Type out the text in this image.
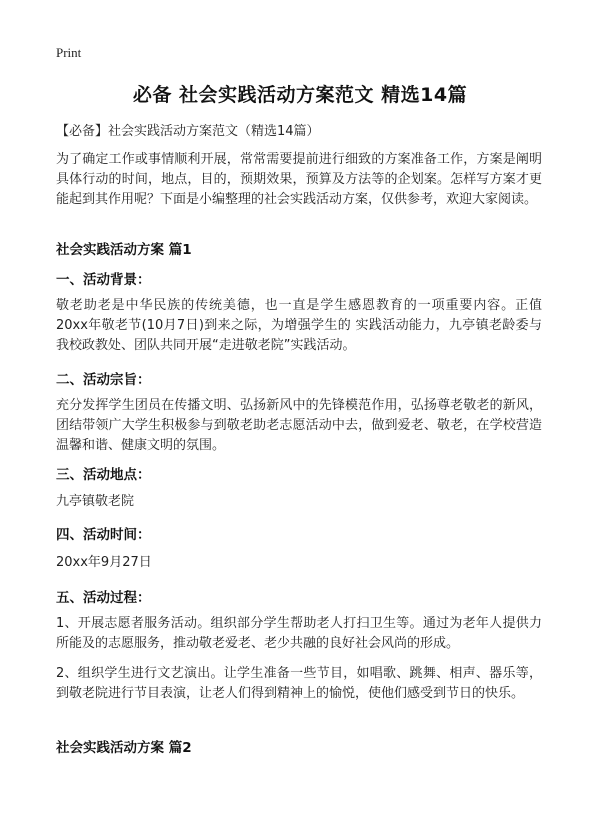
Print
必备 社会实践活动方案范文 精选14篇
【必备】社会实践活动方案范文（精选14篇）
为了确定工作或事情顺利开展，常常需要提前进行细致的方案准备工作，方案是阐明具体行动的时间，地点，目的，预期效果，预算及方法等的企划案。怎样写方案才更能起到其作用呢？下面是小编整理的社会实践活动方案，仅供参考，欢迎大家阅读。
社会实践活动方案 篇1
一、活动背景：
敬老助老是中华民族的传统美德，也一直是学生感恩教育的一项重要内容。正值20xx年敬老节(10月7日)到来之际，为增强学生的 实践活动能力，九亭镇老龄委与我校政教处、团队共同开展“走进敬老院”实践活动。
二、活动宗旨：
充分发挥学生团员在传播文明、弘扬新风中的先锋模范作用，弘扬尊老敬老的新风，团结带领广大学生积极参与到敬老助老志愿活动中去，做到爱老、敬老，在学校营造温馨和谐、健康文明的氛围。
三、活动地点：
九亭镇敬老院
四、活动时间：
20xx年9月27日
五、活动过程：
1、开展志愿者服务活动。组织部分学生帮助老人打扫卫生等。通过为老年人提供力所能及的志愿服务，推动敬老爱老、老少共融的良好社会风尚的形成。
2、组织学生进行文艺演出。让学生准备一些节目，如唱歌、跳舞、相声、器乐等，到敬老院进行节目表演，让老人们得到精神上的愉悦，使他们感受到节日的快乐。
社会实践活动方案 篇2
